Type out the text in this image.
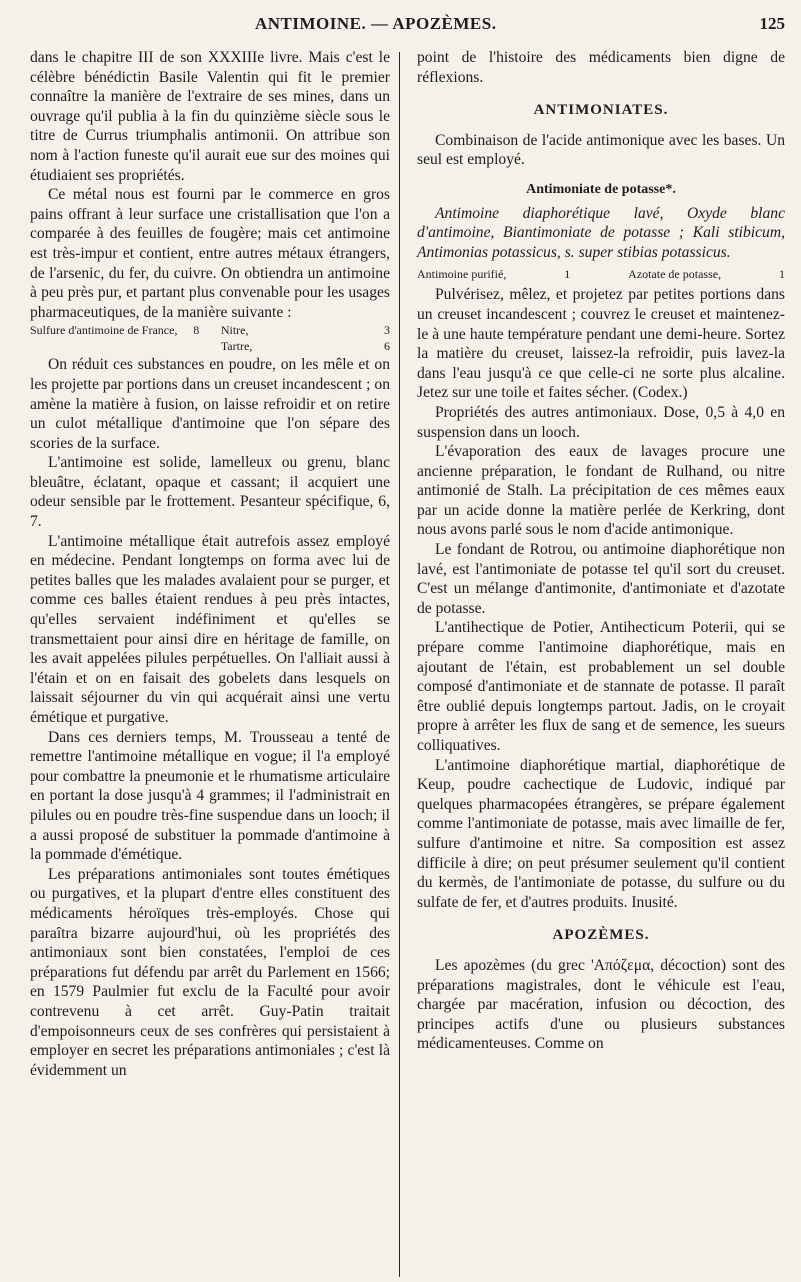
ANTIMOINE. — APOZÈMES.	125

dans le chapitre III de son XXXIIIe livre. Mais c'est le célèbre bénédictin Basile Valentin qui fit le premier connaître la manière de l'extraire de ses mines, dans un ouvrage qu'il publia à la fin du quinzième siècle sous le titre de Currus triumphalis antimonii. On attribue son nom à l'action funeste qu'il aurait eue sur des moines qui étudiaient ses propriétés.

Ce métal nous est fourni par le commerce en gros pains offrant à leur surface une cristallisation que l'on a comparée à des feuilles de fougère; mais cet antimoine est très-impur et contient, entre autres métaux étrangers, de l'arsenic, du fer, du cuivre. On obtiendra un antimoine à peu près pur, et partant plus convenable pour les usages pharmaceutiques, de la manière suivante :

Sulfure d'antimoine de France, 8 Nitre,	3
Tartre,	6

On réduit ces substances en poudre, on les mêle et on les projette par portions dans un creuset incandescent ; on amène la matière à fusion, on laisse refroidir et on retire un culot métallique d'antimoine que l'on sépare des scories de la surface.

L'antimoine est solide, lamelleux ou grenu, blanc bleuâtre, éclatant, opaque et cassant; il acquiert une odeur sensible par le frottement. Pesanteur spécifique, 6, 7.

L'antimoine métallique était autrefois assez employé en médecine. Pendant longtemps on forma avec lui de petites balles que les malades avalaient pour se purger, et comme ces balles étaient rendues à peu près intactes, qu'elles servaient indéfiniment et qu'elles se transmettaient pour ainsi dire en héritage de famille, on les avait appelées pilules perpétuelles. On l'alliait aussi à l'étain et on en faisait des gobelets dans lesquels on laissait séjourner du vin qui acquérait ainsi une vertu émétique et purgative.

Dans ces derniers temps, M. Trousseau a tenté de remettre l'antimoine métallique en vogue; il l'a employé pour combattre la pneumonie et le rhumatisme articulaire en portant la dose jusqu'à 4 grammes; il l'administrait en pilules ou en poudre très-fine suspendue dans un looch; il a aussi proposé de substituer la pommade d'antimoine à la pommade d'émétique.

Les préparations antimoniales sont toutes émétiques ou purgatives, et la plupart d'entre elles constituent des médicaments héroïques très-employés. Chose qui paraîtra bizarre aujourd'hui, où les propriétés des antimoniaux sont bien constatées, l'emploi de ces préparations fut défendu par arrêt du Parlement en 1566; en 1579 Paulmier fut exclu de la Faculté pour avoir contrevenu à cet arrêt. Guy-Patin traitait d'empoisonneurs ceux de ses confrères qui persistaient à employer en secret les préparations antimoniales ; c'est là évidemment un

point de l'histoire des médicaments bien digne de réflexions.

ANTIMONIATES.

Combinaison de l'acide antimonique avec les bases. Un seul est employé.

Antimoniate de potasse*.

Antimoine diaphorétique lavé, Oxyde blanc d'antimoine, Biantimoniate de potasse ; Kali stibicum, Antimonias potassicus, s. super stibias potassicus.

Antimoine purifié,	1	Azotate de potasse,	1

Pulvérisez, mêlez, et projetez par petites portions dans un creuset incandescent ; couvrez le creuset et maintenez-le à une haute température pendant une demi-heure. Sortez la matière du creuset, laissez-la refroidir, puis lavez-la dans l'eau jusqu'à ce que celle-ci ne sorte plus alcaline. Jetez sur une toile et faites sécher. (Codex.)

Propriétés des autres antimoniaux. Dose, 0,5 à 4,0 en suspension dans un looch.

L'évaporation des eaux de lavages procure une ancienne préparation, le fondant de Rulhand, ou nitre antimonié de Stalh. La précipitation de ces mêmes eaux par un acide donne la matière perlée de Kerkring, dont nous avons parlé sous le nom d'acide antimonique.

Le fondant de Rotrou, ou antimoine diaphorétique non lavé, est l'antimoniate de potasse tel qu'il sort du creuset. C'est un mélange d'antimonite, d'antimoniate et d'azotate de potasse.

L'antihectique de Potier, Antihecticum Poterii, qui se prépare comme l'antimoine diaphorétique, mais en ajoutant de l'étain, est probablement un sel double composé d'antimoniate et de stannate de potasse. Il paraît être oublié depuis longtemps partout. Jadis, on le croyait propre à arrêter les flux de sang et de semence, les sueurs colliquatives.

L'antimoine diaphorétique martial, diaphorétique de Keup, poudre cachectique de Ludovic, indiqué par quelques pharmacopées étrangères, se prépare également comme l'antimoniate de potasse, mais avec limaille de fer, sulfure d'antimoine et nitre. Sa composition est assez difficile à dire; on peut présumer seulement qu'il contient du kermès, de l'antimoniate de potasse, du sulfure ou du sulfate de fer, et d'autres produits. Inusité.

APOZÈMES.

Les apozèmes (du grec 'Απόζεμα, décoction) sont des préparations magistrales, dont le véhicule est l'eau, chargée par macération, infusion ou décoction, des principes actifs d'une ou plusieurs substances médicamenteuses. Comme on
